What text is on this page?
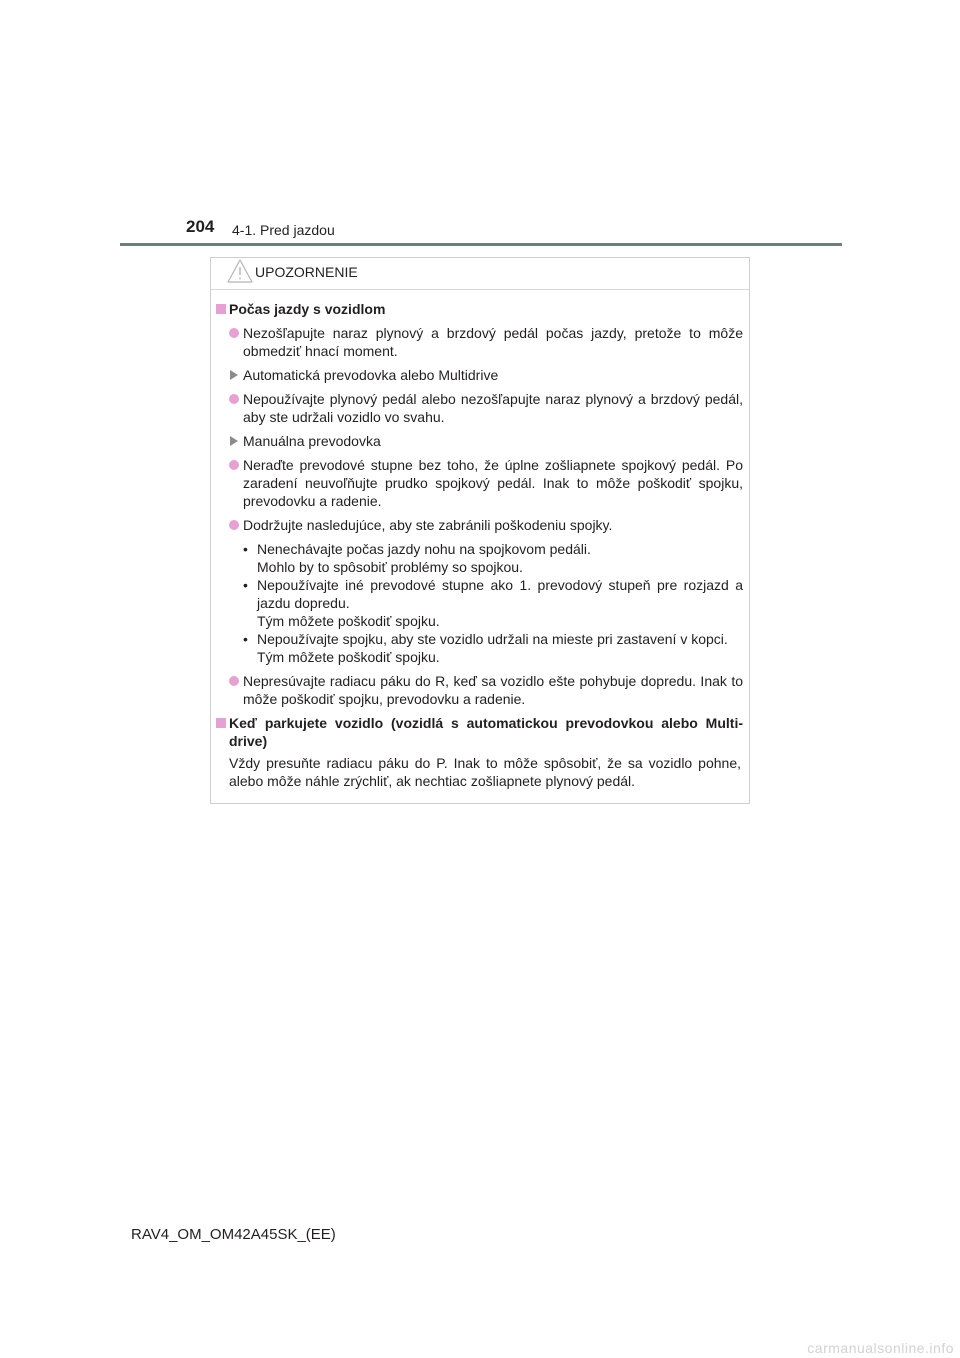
204 4-1. Pred jazdou
UPOZORNENIE
Počas jazdy s vozidlom
Nezošľapujte naraz plynový a brzdový pedál počas jazdy, pretože to môže obmedziť hnací moment.
Automatická prevodovka alebo Multidrive
Nepoužívajte plynový pedál alebo nezošľapujte naraz plynový a brzdový pedál, aby ste udržali vozidlo vo svahu.
Manuálna prevodovka
Neraďte prevodové stupne bez toho, že úplne zošliapnete spojkový pedál. Po zaradení neuvoľňujte prudko spojkový pedál. Inak to môže poškodiť spojku, prevodovku a radenie.
Dodržujte nasledujúce, aby ste zabránili poškodeniu spojky.
• Nenechávajte počas jazdy nohu na spojkovom pedáli.
Mohlo by to spôsobiť problémy so spojkou.
• Nepoužívajte iné prevodové stupne ako 1. prevodový stupeň pre rozjazd a jazdu dopredu.
Tým môžete poškodiť spojku.
• Nepoužívajte spojku, aby ste vozidlo udržali na mieste pri zastavení v kopci.
Tým môžete poškodiť spojku.
Nepresúvajte radiacu páku do R, keď sa vozidlo ešte pohybuje dopredu. Inak to môže poškodiť spojku, prevodovku a radenie.
Keď parkujete vozidlo (vozidlá s automatickou prevodovkou alebo Multi-drive)
Vždy presuňte radiacu páku do P. Inak to môže spôsobiť, že sa vozidlo pohne, alebo môže náhle zrýchliť, ak nechtiac zošliapnete plynový pedál.
RAV4_OM_OM42A45SK_(EE)
carmanualsonline.info
